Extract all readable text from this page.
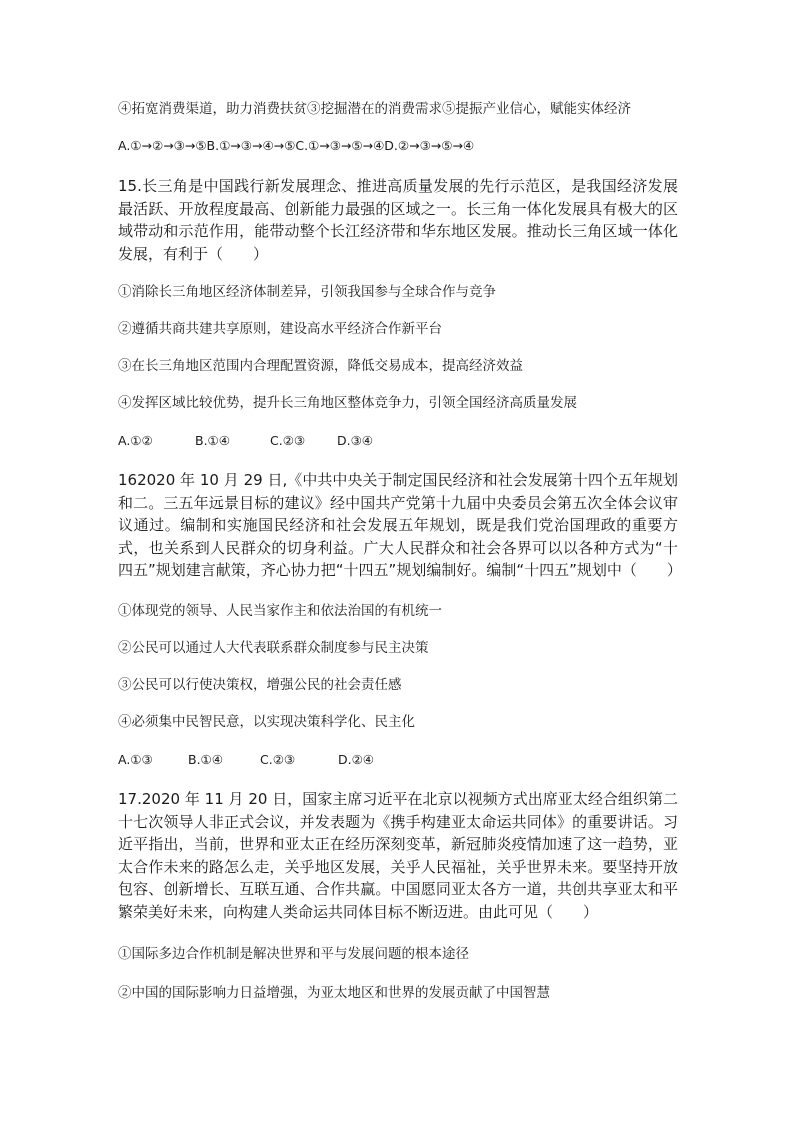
④拓宽消费渠道，助力消费扶贫③挖掘潜在的消费需求⑤提振产业信心，赋能实体经济
A.①→②→③→⑤B.①→③→④→⑤C.①→③→⑤→④D.②→③→⑤→④
15.长三角是中国践行新发展理念、推进高质量发展的先行示范区，是我国经济发展最活跃、开放程度最高、创新能力最强的区域之一。长三角一体化发展具有极大的区域带动和示范作用，能带动整个长江经济带和华东地区发展。推动长三角区域一体化发展，有利于（　　）
①消除长三角地区经济体制差异，引领我国参与全球合作与竞争
②遵循共商共建共享原则，建设高水平经济合作新平台
③在长三角地区范围内合理配置资源，降低交易成本，提高经济效益
④发挥区域比较优势，提升长三角地区整体竞争力，引领全国经济高质量发展
A.①②	B.①④	C.②③	D.③④
162020 年 10 月 29 日,《中共中央关于制定国民经济和社会发展第十四个五年规划和二。三五年远景目标的建议》经中国共产党第十九届中央委员会第五次全体会议审议通过。编制和实施国民经济和社会发展五年规划，既是我们党治国理政的重要方式，也关系到人民群众的切身利益。广大人民群众和社会各界可以以各种方式为“十四五”规划建言献策，齐心协力把“十四五”规划编制好。编制“十四五”规划中（　　）
①体现党的领导、人民当家作主和依法治国的有机统一
②公民可以通过人大代表联系群众制度参与民主决策
③公民可以行使决策权，增强公民的社会责任感
④必须集中民智民意，以实现决策科学化、民主化
A.①③	B.①④	C.②③	D.②④
17.2020 年 11 月 20 日，国家主席习近平在北京以视频方式出席亚太经合组织第二十七次领导人非正式会议，并发表题为《携手构建亚太命运共同体》的重要讲话。习近平指出，当前，世界和亚太正在经历深刻变革，新冠肺炎疫情加速了这一趋势，亚太合作未来的路怎么走，关乎地区发展，关乎人民福祉，关乎世界未来。要坚持开放包容、创新增长、互联互通、合作共赢。中国愿同亚太各方一道，共创共享亚太和平繁荣美好未来，向构建人类命运共同体目标不断迈进。由此可见（　　）
①国际多边合作机制是解决世界和平与发展问题的根本途径
②中国的国际影响力日益增强，为亚太地区和世界的发展贡献了中国智慧
